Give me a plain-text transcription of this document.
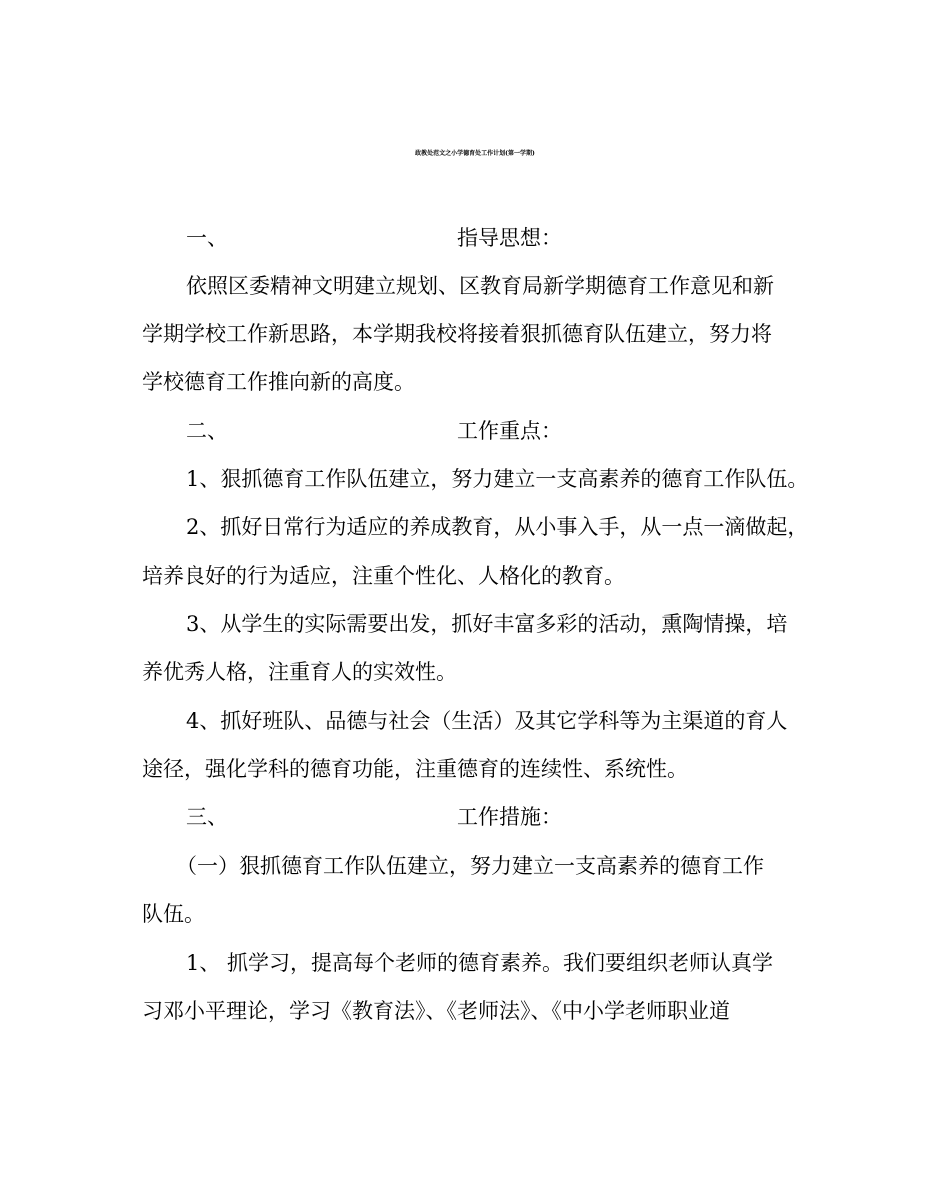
政教处范文之小学德育处工作计划(第一学期)
一、	指导思想：
依照区委精神文明建立规划、区教育局新学期德育工作意见和新
学期学校工作新思路，本学期我校将接着狠抓德育队伍建立，努力将
学校德育工作推向新的高度。
二、	工作重点：
1、狠抓德育工作队伍建立，努力建立一支高素养的德育工作队伍。
2、抓好日常行为适应的养成教育，从小事入手，从一点一滴做起，
培养良好的行为适应，注重个性化、人格化的教育。
3、从学生的实际需要出发，抓好丰富多彩的活动，熏陶情操，培
养优秀人格，注重育人的实效性。
4、抓好班队、品德与社会（生活）及其它学科等为主渠道的育人
途径，强化学科的德育功能，注重德育的连续性、系统性。
三、	工作措施：
（一）狠抓德育工作队伍建立，努力建立一支高素养的德育工作
队伍。
1、 抓学习，提高每个老师的德育素养。我们要组织老师认真学
习邓小平理论，学习《教育法》、《老师法》、《中小学老师职业道
